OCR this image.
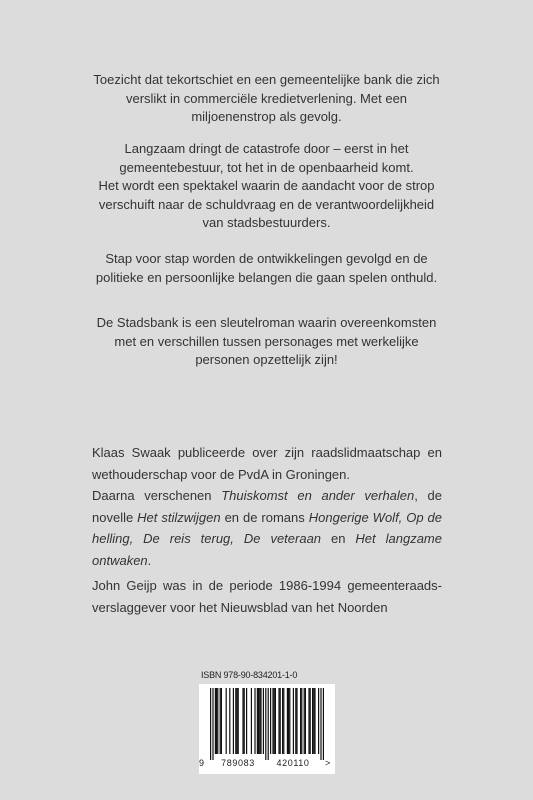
Toezicht dat tekortschiet en een gemeentelijke bank die zich

verslikt in commerciële kredietverlening. Met een

miljoenenstrop als gevolg.

Langzaam dringt de catastrofe door – eerst in het

gemeentebestuur, tot het in de openbaarheid komt.

Het wordt een spektakel waarin de aandacht voor de strop

verschuift naar de schuldvraag en de verantwoordelijkheid

van stadsbestuurders.

Stap voor stap worden de ontwikkelingen gevolgd en de

politieke en persoonlijke belangen die gaan spelen onthuld.

De Stadsbank is een sleutelroman waarin overeenkomsten

met en verschillen tussen personages met werkelijke

personen opzettelijk zijn!

Klaas Swaak publiceerde over zijn raadslidmaatschap en wethouderschap voor de PvdA in Groningen.

Daarna verschenen Thuiskomst en ander verhalen, de novelle Het stilzwijgen en de romans Hongerige Wolf, Op de helling, De reis terug, De veteraan en Het langzame ontwaken.

John Geijp was in de periode 1986-1994 gemeenteraads-verslaggever voor het Nieuwsblad van het Noorden

ISBN 978-90-834201-1-0
9	789083	420110	>
